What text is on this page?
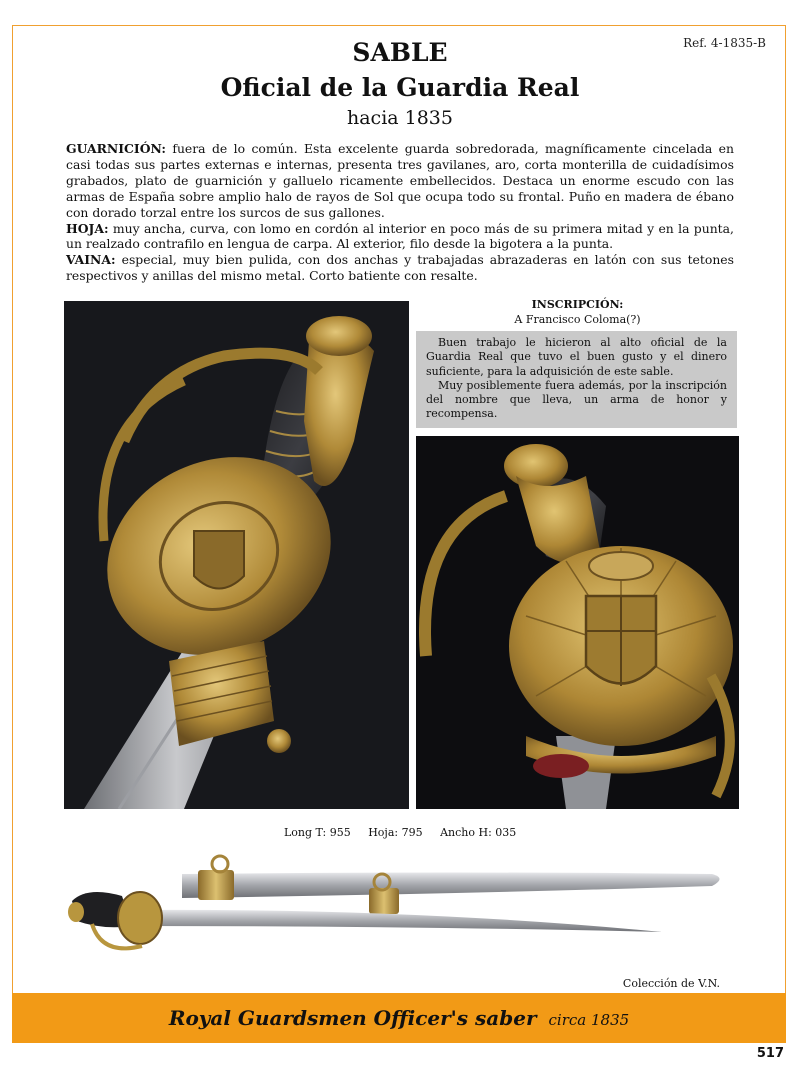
Ref. 4-1835-B
SABLE
Oficial de la Guardia Real
hacia 1835

GUARNICIÓN: fuera de lo común. Esta excelente guarda sobredorada, magníficamente cincelada en casi todas sus partes externas e internas, presenta tres gavilanes, aro, corta monterilla de cuidadísimos grabados, plato de guarnición y galluelo ricamente embellecidos. Destaca un enorme escudo con las armas de España sobre amplio halo de rayos de Sol que ocupa todo su frontal. Puño en madera de ébano con dorado torzal entre los surcos de sus gallones.

HOJA: muy ancha, curva, con lomo en cordón al interior en poco más de su primera mitad y en la punta, un realzado contrafilo en lengua de carpa. Al exterior, filo desde la bigotera a la punta.

VAINA: especial, muy bien pulida, con dos anchas y trabajadas abrazaderas en latón con sus tetones respectivos y anillas del mismo metal. Corto batiente con resalte.

INSCRIPCIÓN:
A Francisco Coloma(?)

Buen trabajo le hicieron al alto oficial de la Guardia Real que tuvo el buen gusto y el dinero suficiente, para la adquisición de este sable.

Muy posiblemente fuera además, por la inscripción del nombre que lleva, un arma de honor y recompensa.

Long T: 955 Hoja: 795 Ancho H: 035
Colección de V.N.
Royal Guardsmen Officer's saber circa 1835
517
